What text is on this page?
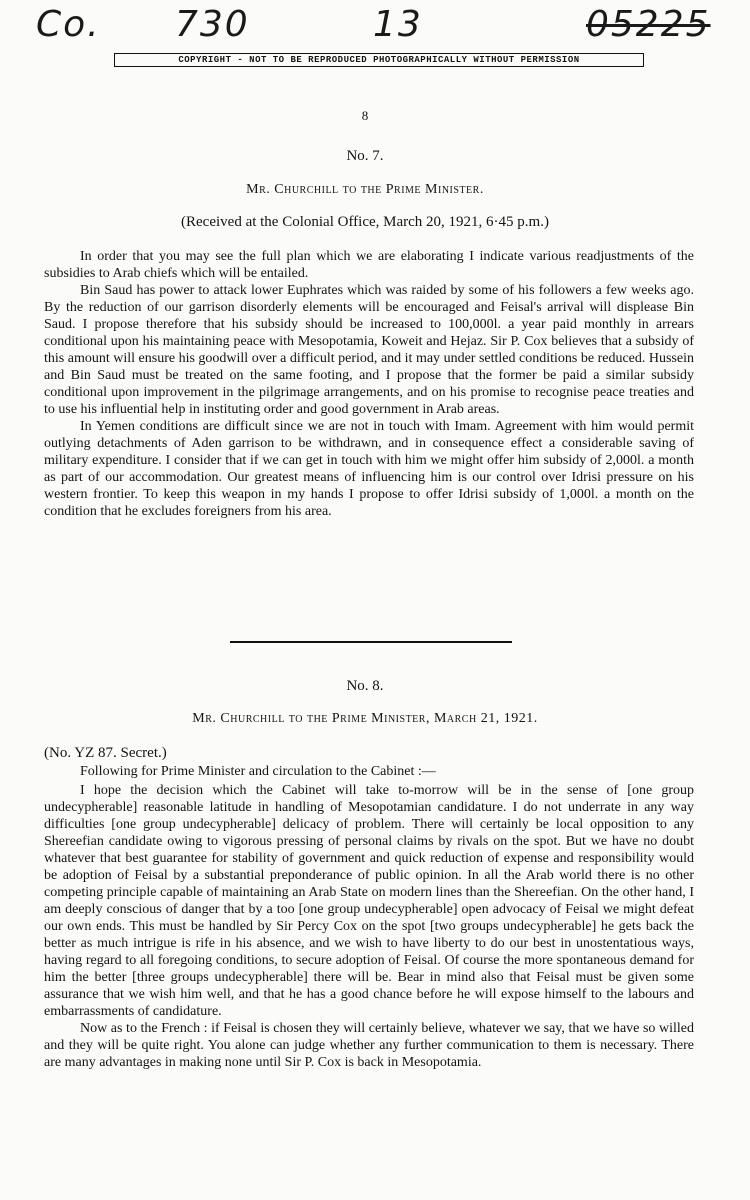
Co. 730	13	05225
COPYRIGHT - NOT TO BE REPRODUCED PHOTOGRAPHICALLY WITHOUT PERMISSION
8
No. 7.
Mr. Churchill to the Prime Minister.
(Received at the Colonial Office, March 20, 1921, 6·45 p.m.)

In order that you may see the full plan which we are elaborating I indicate various readjustments of the subsidies to Arab chiefs which will be entailed.

Bin Saud has power to attack lower Euphrates which was raided by some of his followers a few weeks ago. By the reduction of our garrison disorderly elements will be encouraged and Feisal's arrival will displease Bin Saud. I propose therefore that his subsidy should be increased to 100,000l. a year paid monthly in arrears conditional upon his maintaining peace with Mesopotamia, Koweit and Hejaz. Sir P. Cox believes that a subsidy of this amount will ensure his goodwill over a difficult period, and it may under settled conditions be reduced. Hussein and Bin Saud must be treated on the same footing, and I propose that the former be paid a similar subsidy conditional upon improvement in the pilgrimage arrangements, and on his promise to recognise peace treaties and to use his influential help in instituting order and good government in Arab areas.

In Yemen conditions are difficult since we are not in touch with Imam. Agreement with him would permit outlying detachments of Aden garrison to be withdrawn, and in consequence effect a considerable saving of military expenditure. I consider that if we can get in touch with him we might offer him subsidy of 2,000l. a month as part of our accommodation. Our greatest means of influencing him is our control over Idrisi pressure on his western frontier. To keep this weapon in my hands I propose to offer Idrisi subsidy of 1,000l. a month on the condition that he excludes foreigners from his area.

No. 8.
Mr. Churchill to the Prime Minister, March 21, 1921.
(No. YZ 87. Secret.)

Following for Prime Minister and circulation to the Cabinet :—

I hope the decision which the Cabinet will take to-morrow will be in the sense of [one group undecypherable] reasonable latitude in handling of Mesopotamian candidature. I do not underrate in any way difficulties [one group undecypherable] delicacy of problem. There will certainly be local opposition to any Shereefian candidate owing to vigorous pressing of personal claims by rivals on the spot. But we have no doubt whatever that best guarantee for stability of government and quick reduction of expense and responsibility would be adoption of Feisal by a substantial preponderance of public opinion. In all the Arab world there is no other competing principle capable of maintaining an Arab State on modern lines than the Shereefian. On the other hand, I am deeply conscious of danger that by a too [one group undecypherable] open advocacy of Feisal we might defeat our own ends. This must be handled by Sir Percy Cox on the spot [two groups undecypherable] he gets back the better as much intrigue is rife in his absence, and we wish to have liberty to do our best in unostentatious ways, having regard to all foregoing conditions, to secure adoption of Feisal. Of course the more spontaneous demand for him the better [three groups undecypherable] there will be. Bear in mind also that Feisal must be given some assurance that we wish him well, and that he has a good chance before he will expose himself to the labours and embarrassments of candidature.

Now as to the French : if Feisal is chosen they will certainly believe, whatever we say, that we have so willed and they will be quite right. You alone can judge whether any further communication to them is necessary. There are many advantages in making none until Sir P. Cox is back in Mesopotamia.
